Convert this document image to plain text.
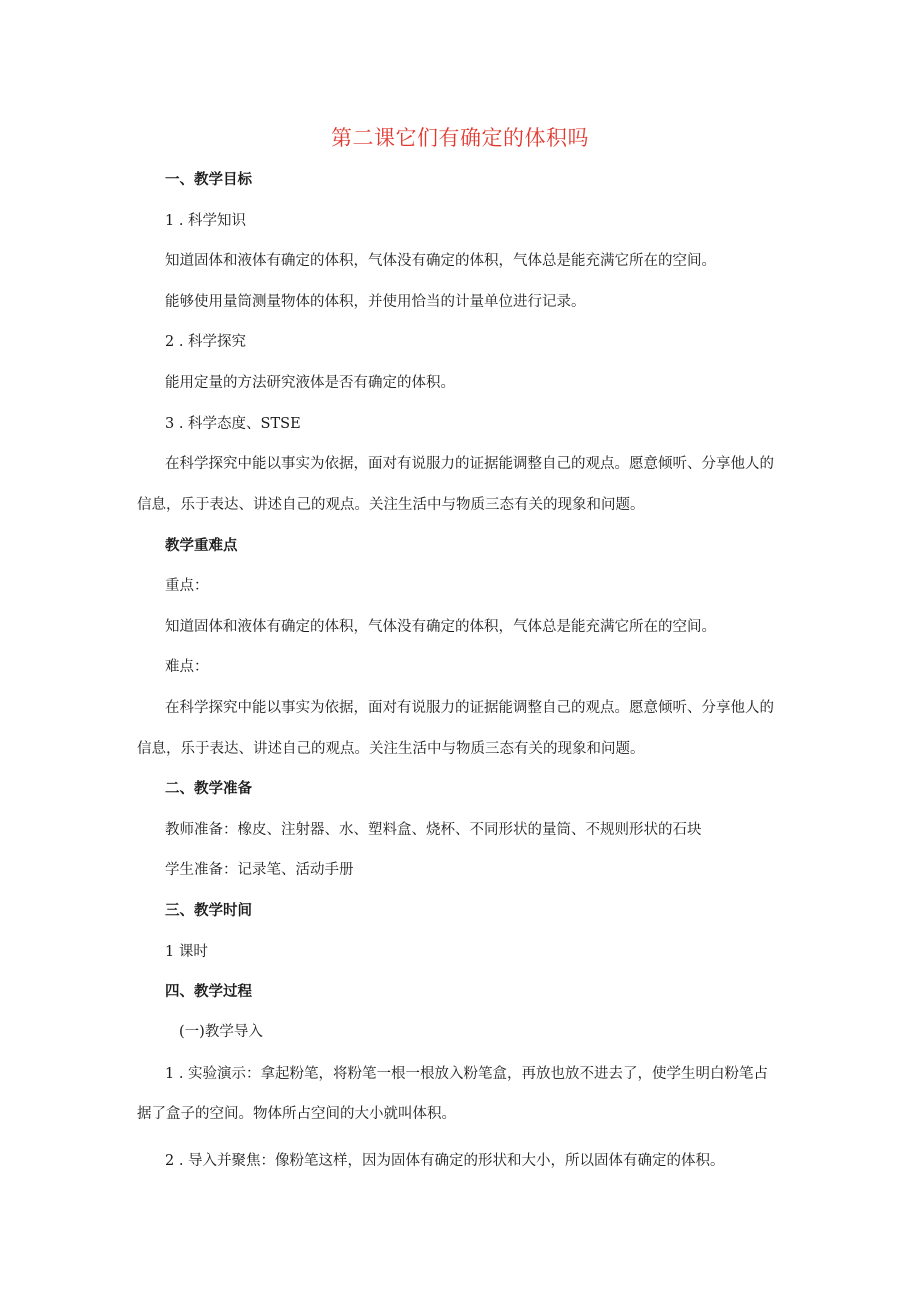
第二课它们有确定的体积吗
一、教学目标
1 . 科学知识
知道固体和液体有确定的体积，气体没有确定的体积，气体总是能充满它所在的空间。
能够使用量筒测量物体的体积，并使用恰当的计量单位进行记录。
2 . 科学探究
能用定量的方法研究液体是否有确定的体积。
3 . 科学态度、STSE
在科学探究中能以事实为依据，面对有说服力的证据能调整自己的观点。愿意倾听、分享他人的
信息，乐于表达、讲述自己的观点。关注生活中与物质三态有关的现象和问题。
教学重难点
重点：
知道固体和液体有确定的体积，气体没有确定的体积，气体总是能充满它所在的空间。
难点：
在科学探究中能以事实为依据，面对有说服力的证据能调整自己的观点。愿意倾听、分享他人的
信息，乐于表达、讲述自己的观点。关注生活中与物质三态有关的现象和问题。
二、教学准备
教师准备：橡皮、注射器、水、塑料盒、烧杯、不同形状的量筒、不规则形状的石块
学生准备：记录笔、活动手册
三、教学时间
1 课时
四、教学过程
(一)教学导入
1 . 实验演示：拿起粉笔，将粉笔一根一根放入粉笔盒，再放也放不进去了，使学生明白粉笔占
据了盒子的空间。物体所占空间的大小就叫体积。
2 . 导入并聚焦：像粉笔这样，因为固体有确定的形状和大小，所以固体有确定的体积。
